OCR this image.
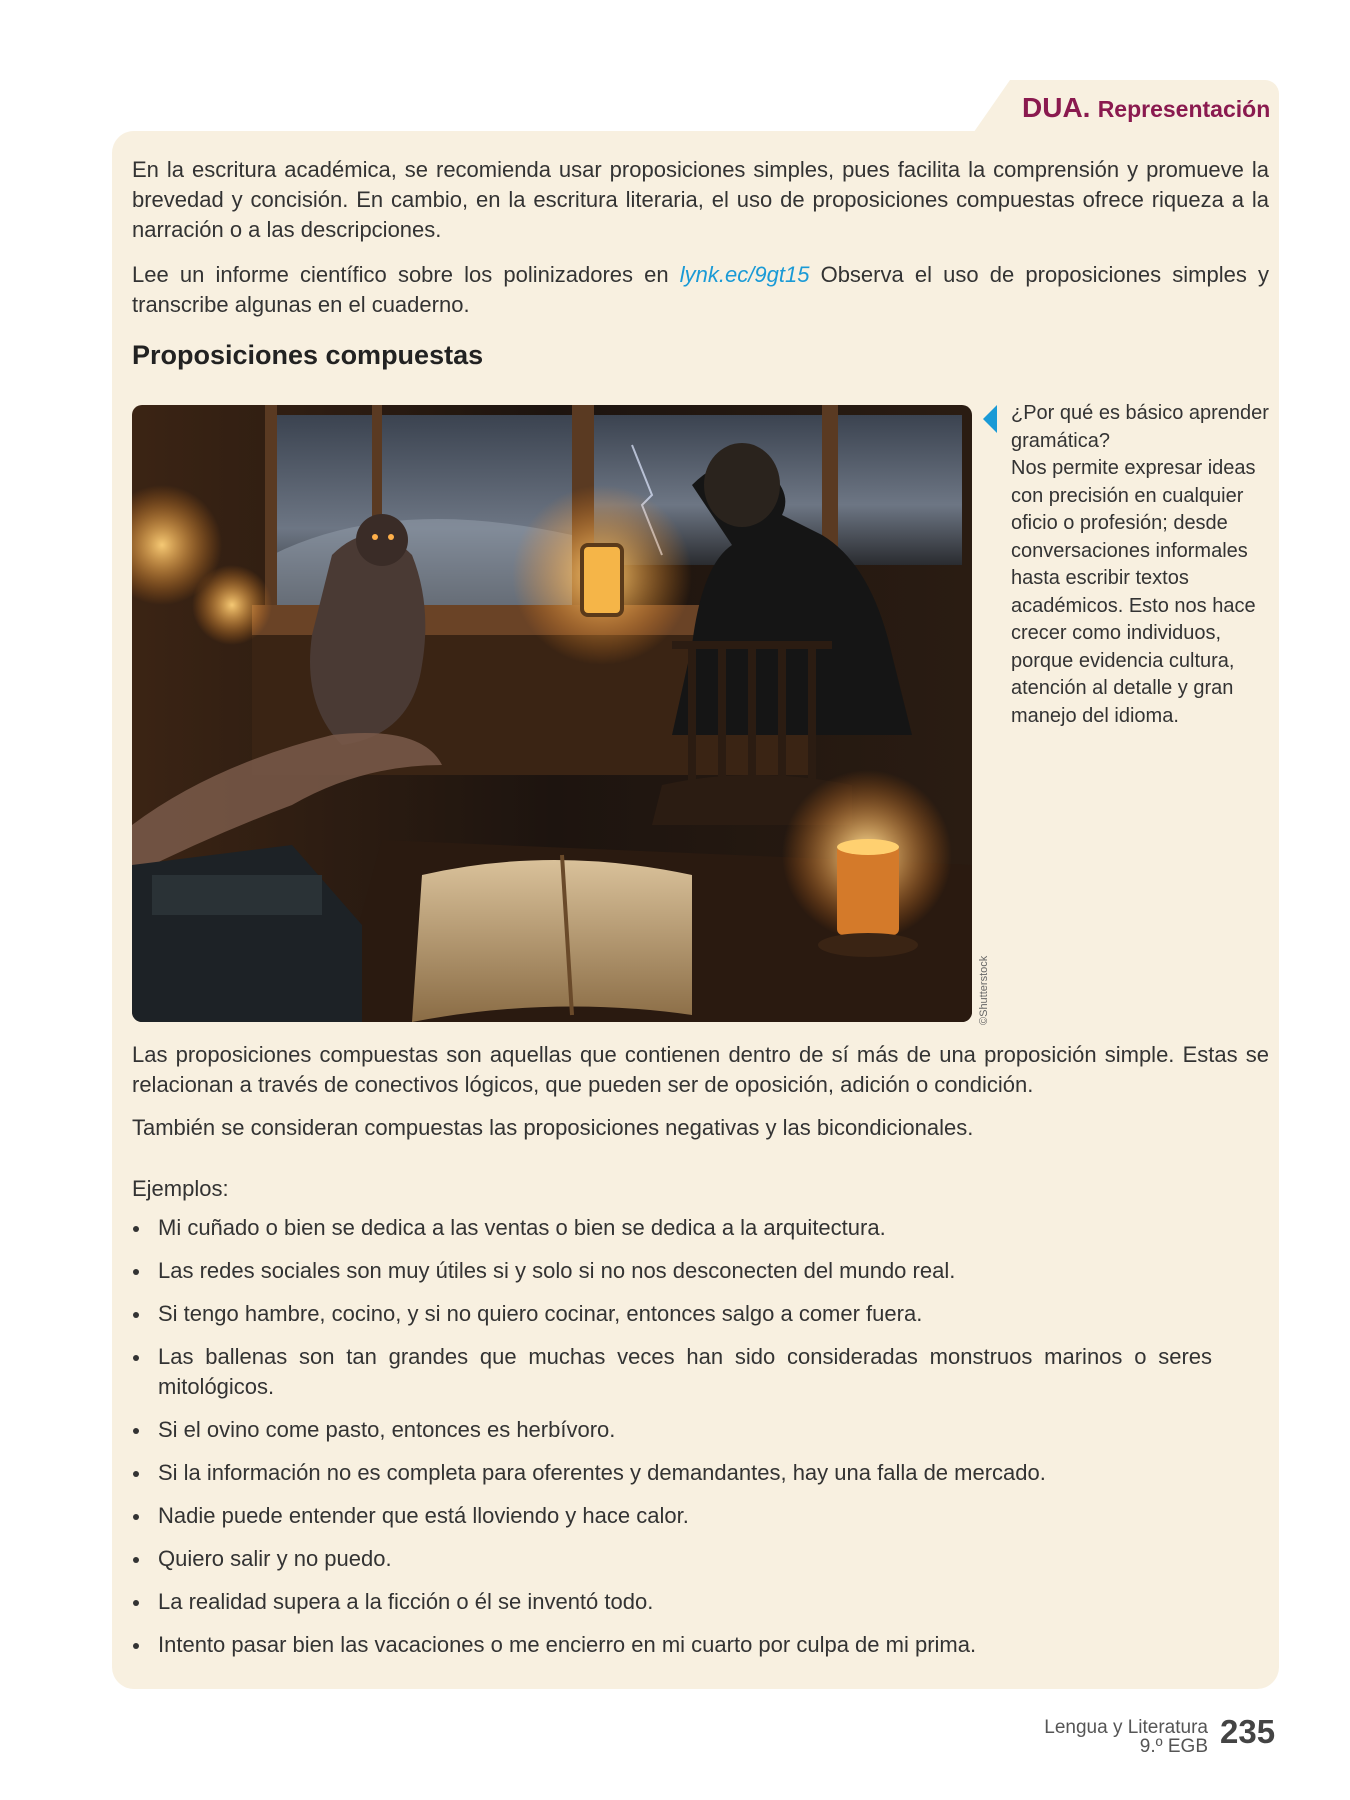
DUA. Representación
En la escritura académica, se recomienda usar proposiciones simples, pues facilita la comprensión y promueve la brevedad y concisión. En cambio, en la escritura literaria, el uso de proposiciones compuestas ofrece riqueza a la narración o a las descripciones.
Lee un informe científico sobre los polinizadores en lynk.ec/9gt15 Observa el uso de proposiciones simples y transcribe algunas en el cuaderno.
Proposiciones compuestas
©Shutterstock
¿Por qué es básico aprender gramática?
Nos permite expresar ideas con precisión en cualquier oficio o profesión; desde conversaciones informales hasta escribir textos académicos. Esto nos hace crecer como individuos, porque evidencia cultura, atención al detalle y gran manejo del idioma.
Las proposiciones compuestas son aquellas que contienen dentro de sí más de una proposición simple. Estas se relacionan a través de conectivos lógicos, que pueden ser de oposición, adición o condición.
También se consideran compuestas las proposiciones negativas y las bicondicionales.
Ejemplos:
Mi cuñado o bien se dedica a las ventas o bien se dedica a la arquitectura.
Las redes sociales son muy útiles si y solo si no nos desconecten del mundo real.
Si tengo hambre, cocino, y si no quiero cocinar, entonces salgo a comer fuera.
Las ballenas son tan grandes que muchas veces han sido consideradas monstruos marinos o seres mitológicos.
Si el ovino come pasto, entonces es herbívoro.
Si la información no es completa para oferentes y demandantes, hay una falla de mercado.
Nadie puede entender que está lloviendo y hace calor.
Quiero salir y no puedo.
La realidad supera a la ficción o él se inventó todo.
Intento pasar bien las vacaciones o me encierro en mi cuarto por culpa de mi prima.
Lengua y Literatura
9.º EGB 235
